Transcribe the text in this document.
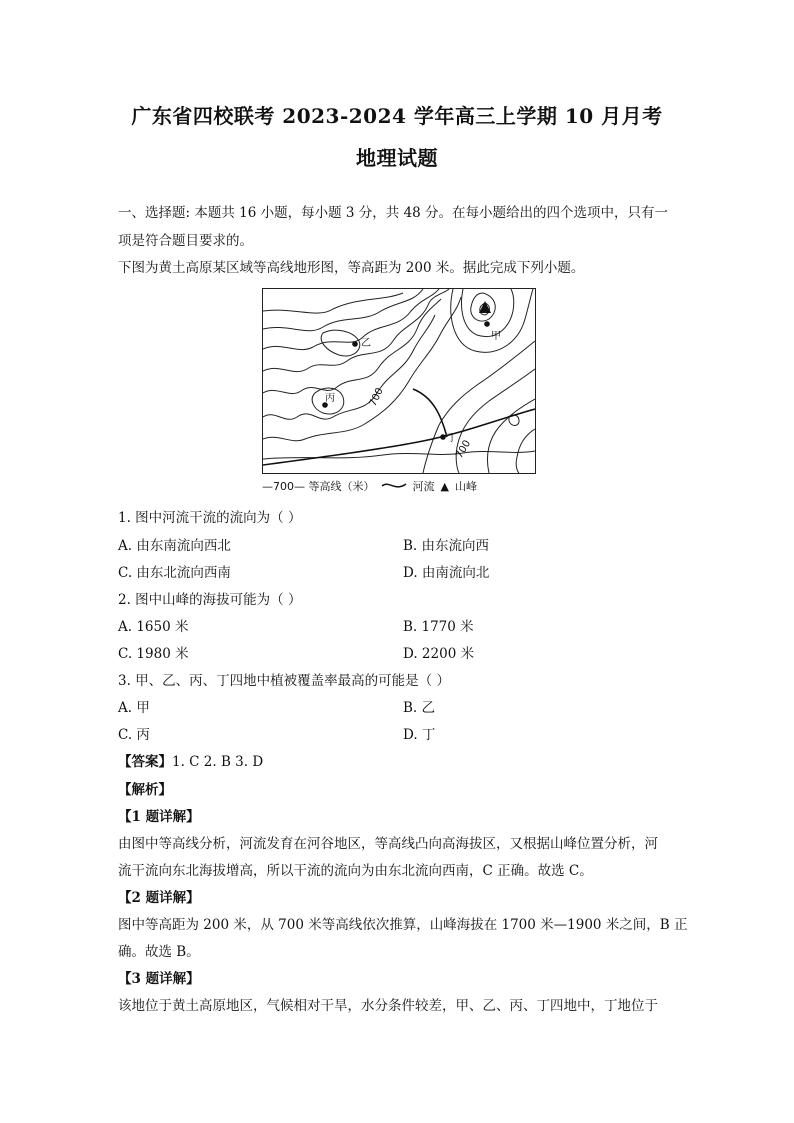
广东省四校联考 2023-2024 学年高三上学期 10 月月考
地理试题
一、选择题: 本题共 16 小题，每小题 3 分，共 48 分。在每小题给出的四个选项中，只有一
项是符合题目要求的。
下图为黄土高原某区域等高线地形图，等高距为 200 米。据此完成下列小题。
乙
丙
丁
甲
700
700
—700— 等高线（米）	河流 ▲ 山峰
1. 图中河流干流的流向为（ ）
A. 由东南流向西北	B. 由东流向西
C. 由东北流向西南	D. 由南流向北
2. 图中山峰的海拔可能为（ ）
A. 1650 米	B. 1770 米
C. 1980 米	D. 2200 米
3. 甲、乙、丙、丁四地中植被覆盖率最高的可能是（ ）
A. 甲	B. 乙
C. 丙	D. 丁
【答案】1. C 2. B 3. D
【解析】
【1 题详解】
由图中等高线分析，河流发育在河谷地区，等高线凸向高海拔区，又根据山峰位置分析，河
流干流向东北海拔增高，所以干流的流向为由东北流向西南，C 正确。故选 C。
【2 题详解】
图中等高距为 200 米，从 700 米等高线依次推算，山峰海拔在 1700 米—1900 米之间，B 正
确。故选 B。
【3 题详解】
该地位于黄土高原地区，气候相对干旱，水分条件较差，甲、乙、丙、丁四地中，丁地位于
